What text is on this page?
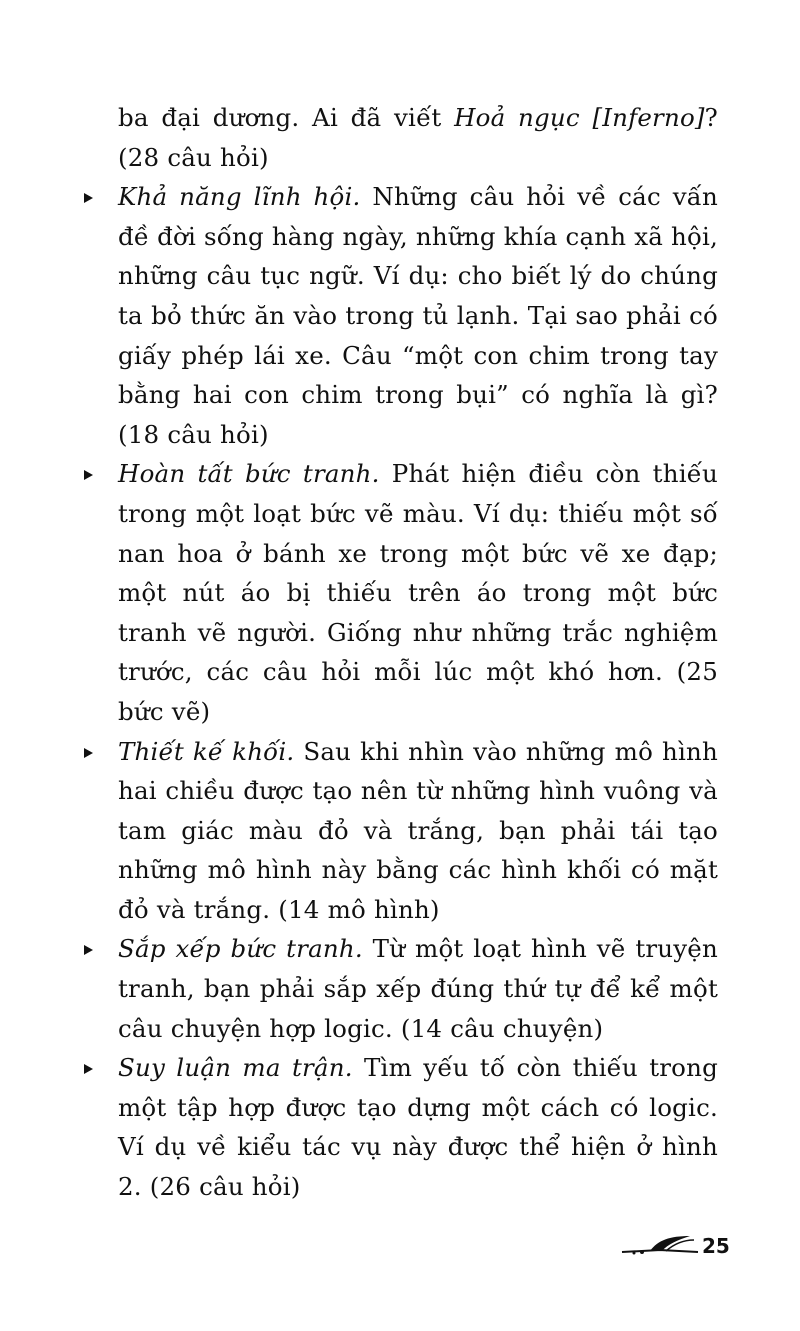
ba đại dương. Ai đã viết Hoả ngục [Inferno]? (28 câu hỏi)

Khả năng lĩnh hội. Những câu hỏi về các vấn đề đời sống hàng ngày, những khía cạnh xã hội, những câu tục ngữ. Ví dụ: cho biết lý do chúng ta bỏ thức ăn vào trong tủ lạnh. Tại sao phải có giấy phép lái xe. Câu “một con chim trong tay bằng hai con chim trong bụi” có nghĩa là gì? (18 câu hỏi)

Hoàn tất bức tranh. Phát hiện điều còn thiếu trong một loạt bức vẽ màu. Ví dụ: thiếu một số nan hoa ở bánh xe trong một bức vẽ xe đạp; một nút áo bị thiếu trên áo trong một bức tranh vẽ người. Giống như những trắc nghiệm trước, các câu hỏi mỗi lúc một khó hơn. (25 bức vẽ)

Thiết kế khối. Sau khi nhìn vào những mô hình hai chiều được tạo nên từ những hình vuông và tam giác màu đỏ và trắng, bạn phải tái tạo những mô hình này bằng các hình khối có mặt đỏ và trắng. (14 mô hình)

Sắp xếp bức tranh. Từ một loạt hình vẽ truyện tranh, bạn phải sắp xếp đúng thứ tự để kể một câu chuyện hợp logic. (14 câu chuyện)

Suy luận ma trận. Tìm yếu tố còn thiếu trong một tập hợp được tạo dựng một cách có logic. Ví dụ về kiểu tác vụ này được thể hiện ở hình 2. (26 câu hỏi)

25
